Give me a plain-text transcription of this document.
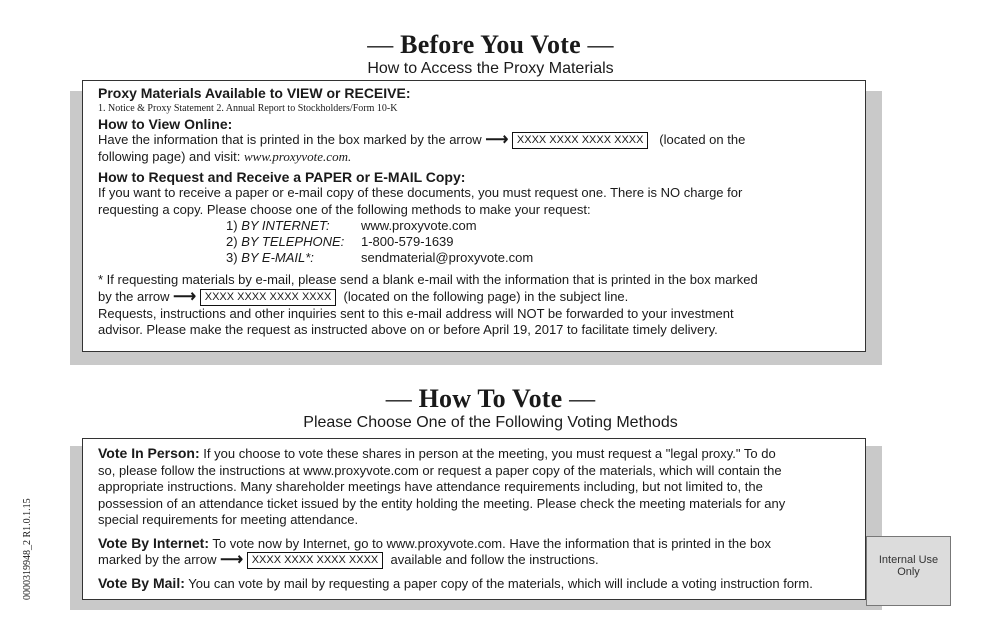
— Before You Vote —
How to Access the Proxy Materials
Proxy Materials Available to VIEW or RECEIVE:
1. Notice & Proxy Statement 2. Annual Report to Stockholders/Form 10-K
How to View Online:
Have the information that is printed in the box marked by the arrow ⟶ XXXX XXXX XXXX XXXX (located on the
following page) and visit: www.proxyvote.com.
How to Request and Receive a PAPER or E-MAIL Copy:
If you want to receive a paper or e-mail copy of these documents, you must request one. There is NO charge for
requesting a copy. Please choose one of the following methods to make your request:
1) BY INTERNET: www.proxyvote.com
2) BY TELEPHONE: 1-800-579-1639
3) BY E-MAIL*:	sendmaterial@proxyvote.com
* If requesting materials by e-mail, please send a blank e-mail with the information that is printed in the box marked
by the arrow ⟶ XXXX XXXX XXXX XXXX (located on the following page) in the subject line.
Requests, instructions and other inquiries sent to this e-mail address will NOT be forwarded to your investment
advisor. Please make the request as instructed above on or before April 19, 2017 to facilitate timely delivery.
— How To Vote —
Please Choose One of the Following Voting Methods
0000319948_2 R1.0.1.15
Vote In Person: If you choose to vote these shares in person at the meeting, you must request a "legal proxy." To do
so, please follow the instructions at www.proxyvote.com or request a paper copy of the materials, which will contain the
appropriate instructions. Many shareholder meetings have attendance requirements including, but not limited to, the
possession of an attendance ticket issued by the entity holding the meeting. Please check the meeting materials for any
special requirements for meeting attendance.
Vote By Internet: To vote now by Internet, go to www.proxyvote.com. Have the information that is printed in the box
marked by the arrow ⟶ XXXX XXXX XXXX XXXX available and follow the instructions.
Vote By Mail: You can vote by mail by requesting a paper copy of the materials, which will include a voting instruction form.
Internal Use Only
